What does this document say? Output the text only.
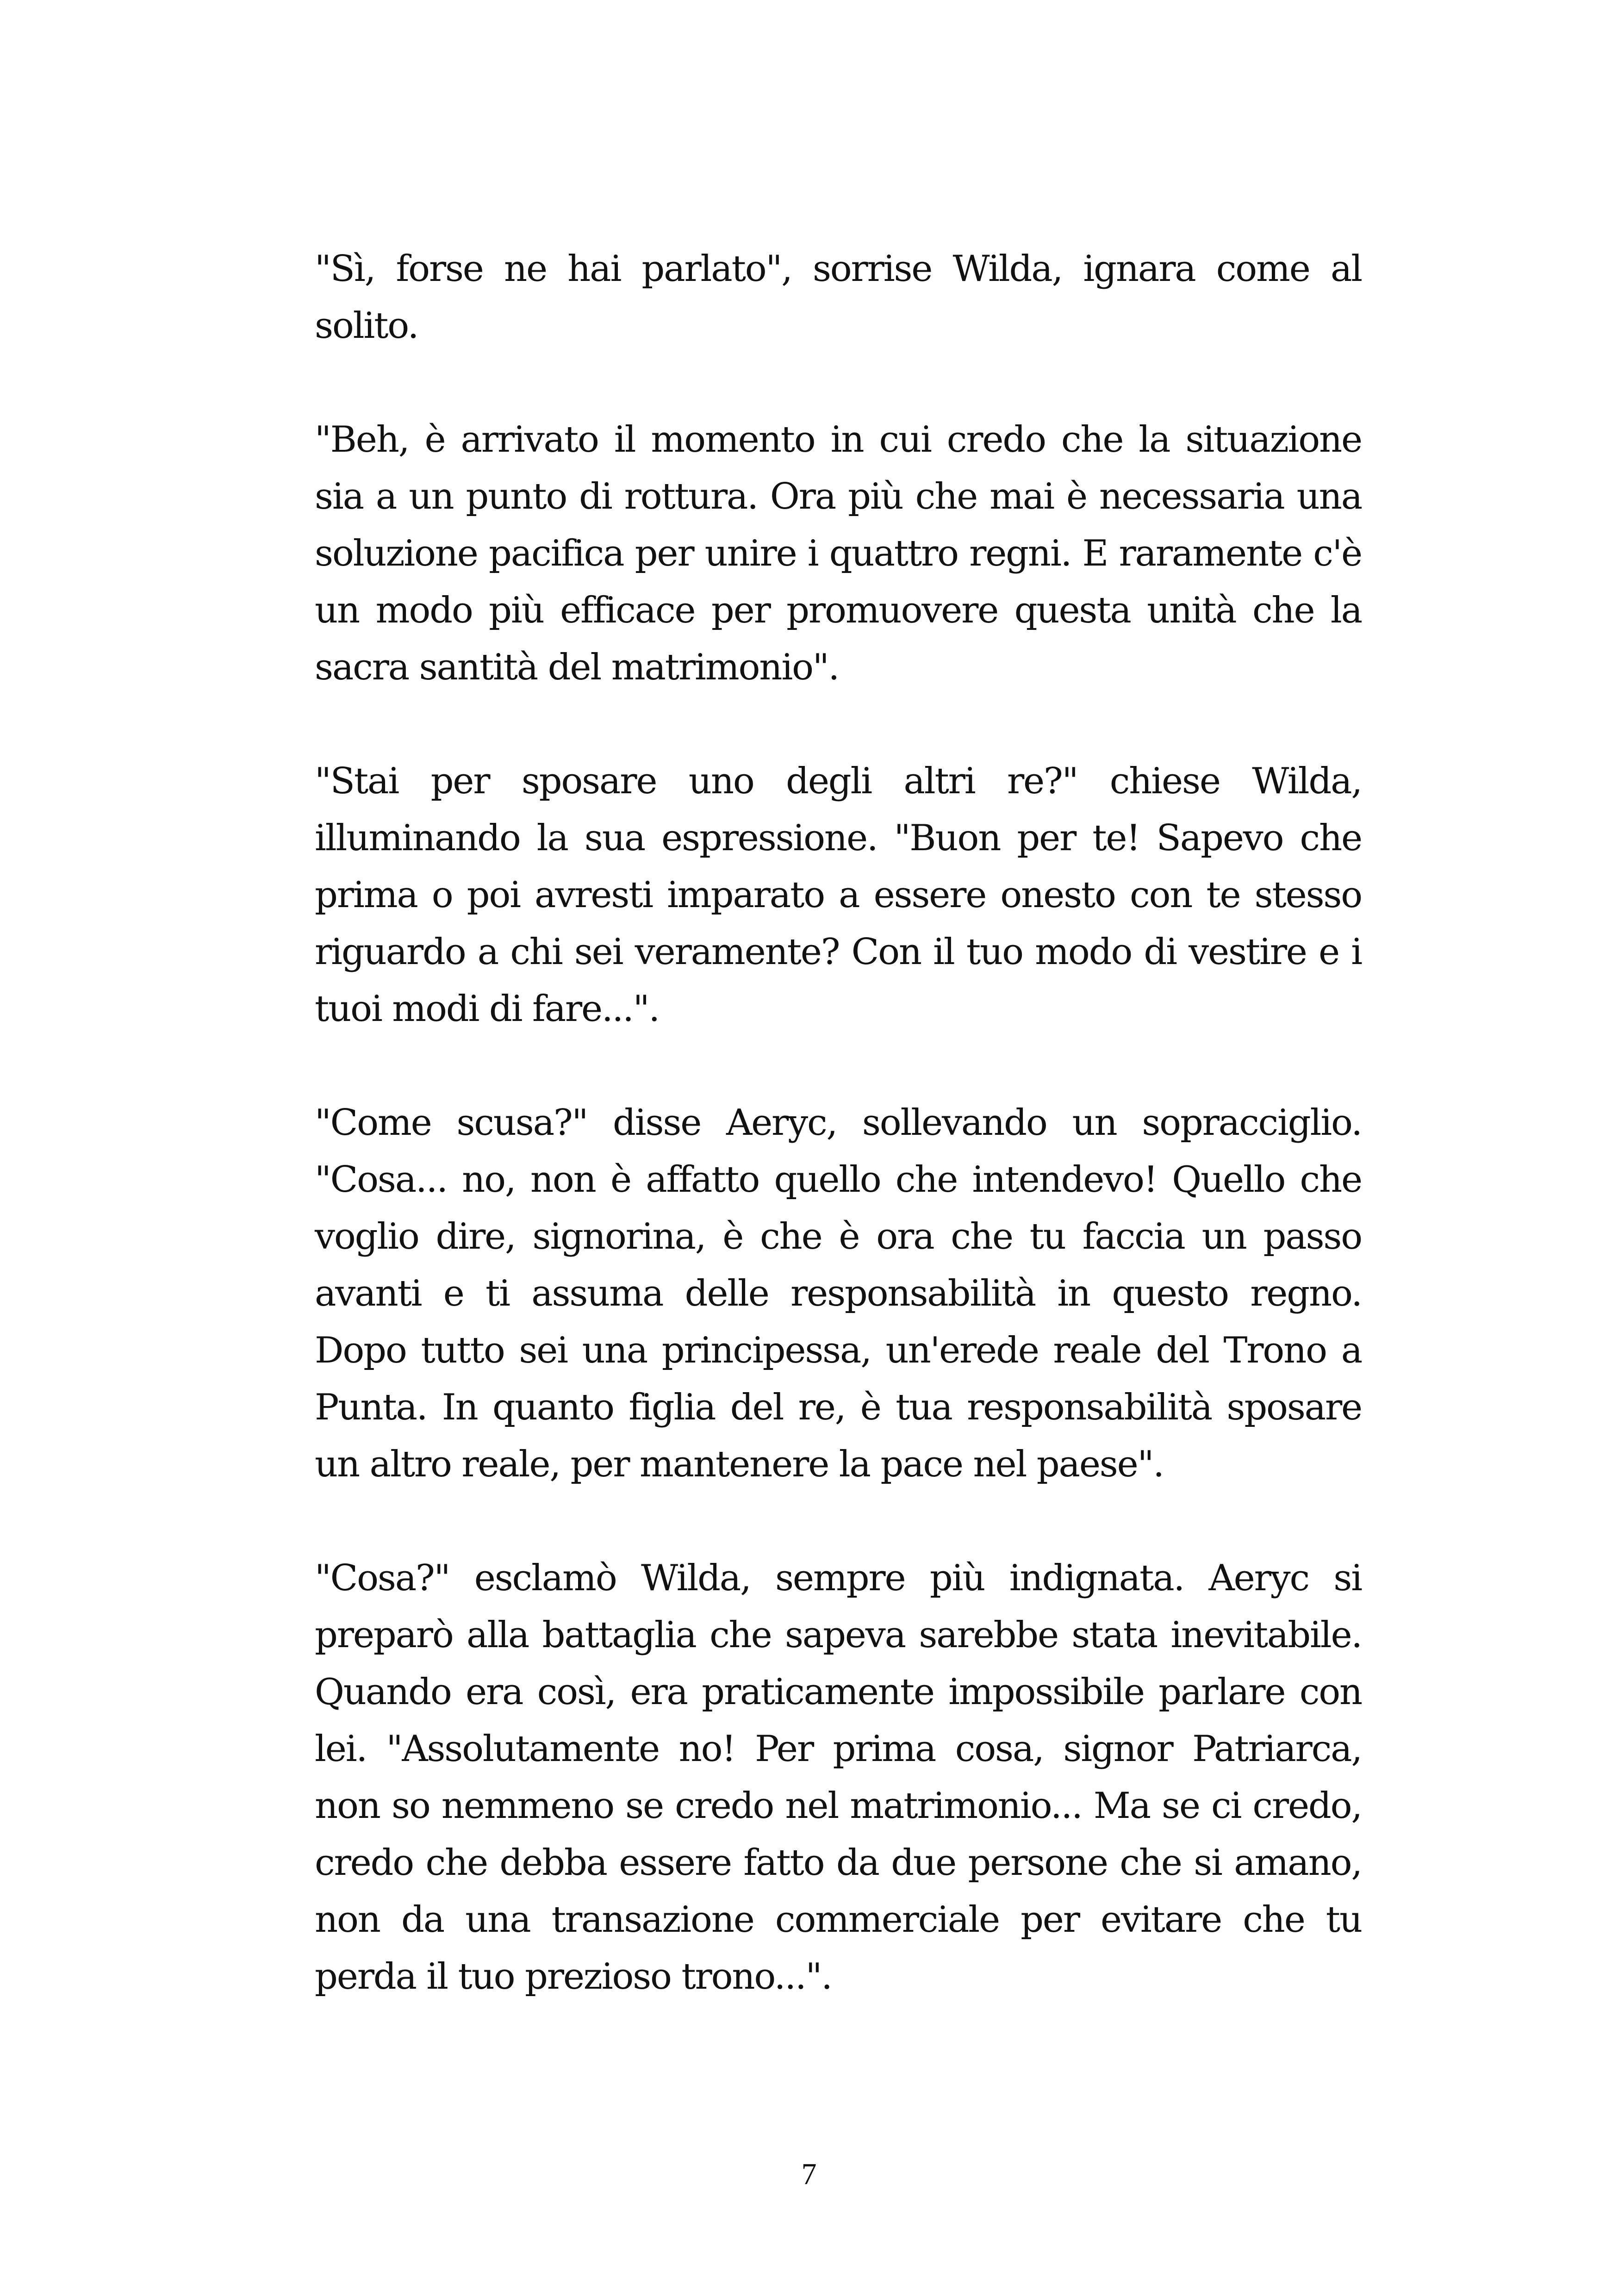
"Sì, forse ne hai parlato", sorrise Wilda, ignara come al solito.

"Beh, è arrivato il momento in cui credo che la situazione sia a un punto di rottura. Ora più che mai è necessaria una soluzione pacifica per unire i quattro regni. E raramente c'è un modo più efficace per promuovere questa unità che la sacra santità del matrimonio".

"Stai per sposare uno degli altri re?" chiese Wilda, illuminando la sua espressione. "Buon per te! Sapevo che prima o poi avresti imparato a essere onesto con te stesso riguardo a chi sei veramente? Con il tuo modo di vestire e i tuoi modi di fare...".

"Come scusa?" disse Aeryc, sollevando un sopracciglio. "Cosa... no, non è affatto quello che intendevo! Quello che voglio dire, signorina, è che è ora che tu faccia un passo avanti e ti assuma delle responsabilità in questo regno. Dopo tutto sei una principessa, un'erede reale del Trono a Punta. In quanto figlia del re, è tua responsabilità sposare un altro reale, per mantenere la pace nel paese".

"Cosa?" esclamò Wilda, sempre più indignata. Aeryc si preparò alla battaglia che sapeva sarebbe stata inevitabile. Quando era così, era praticamente impossibile parlare con lei. "Assolutamente no! Per prima cosa, signor Patriarca, non so nemmeno se credo nel matrimonio... Ma se ci credo, credo che debba essere fatto da due persone che si amano, non da una transazione commerciale per evitare che tu perda il tuo prezioso trono...".

7
